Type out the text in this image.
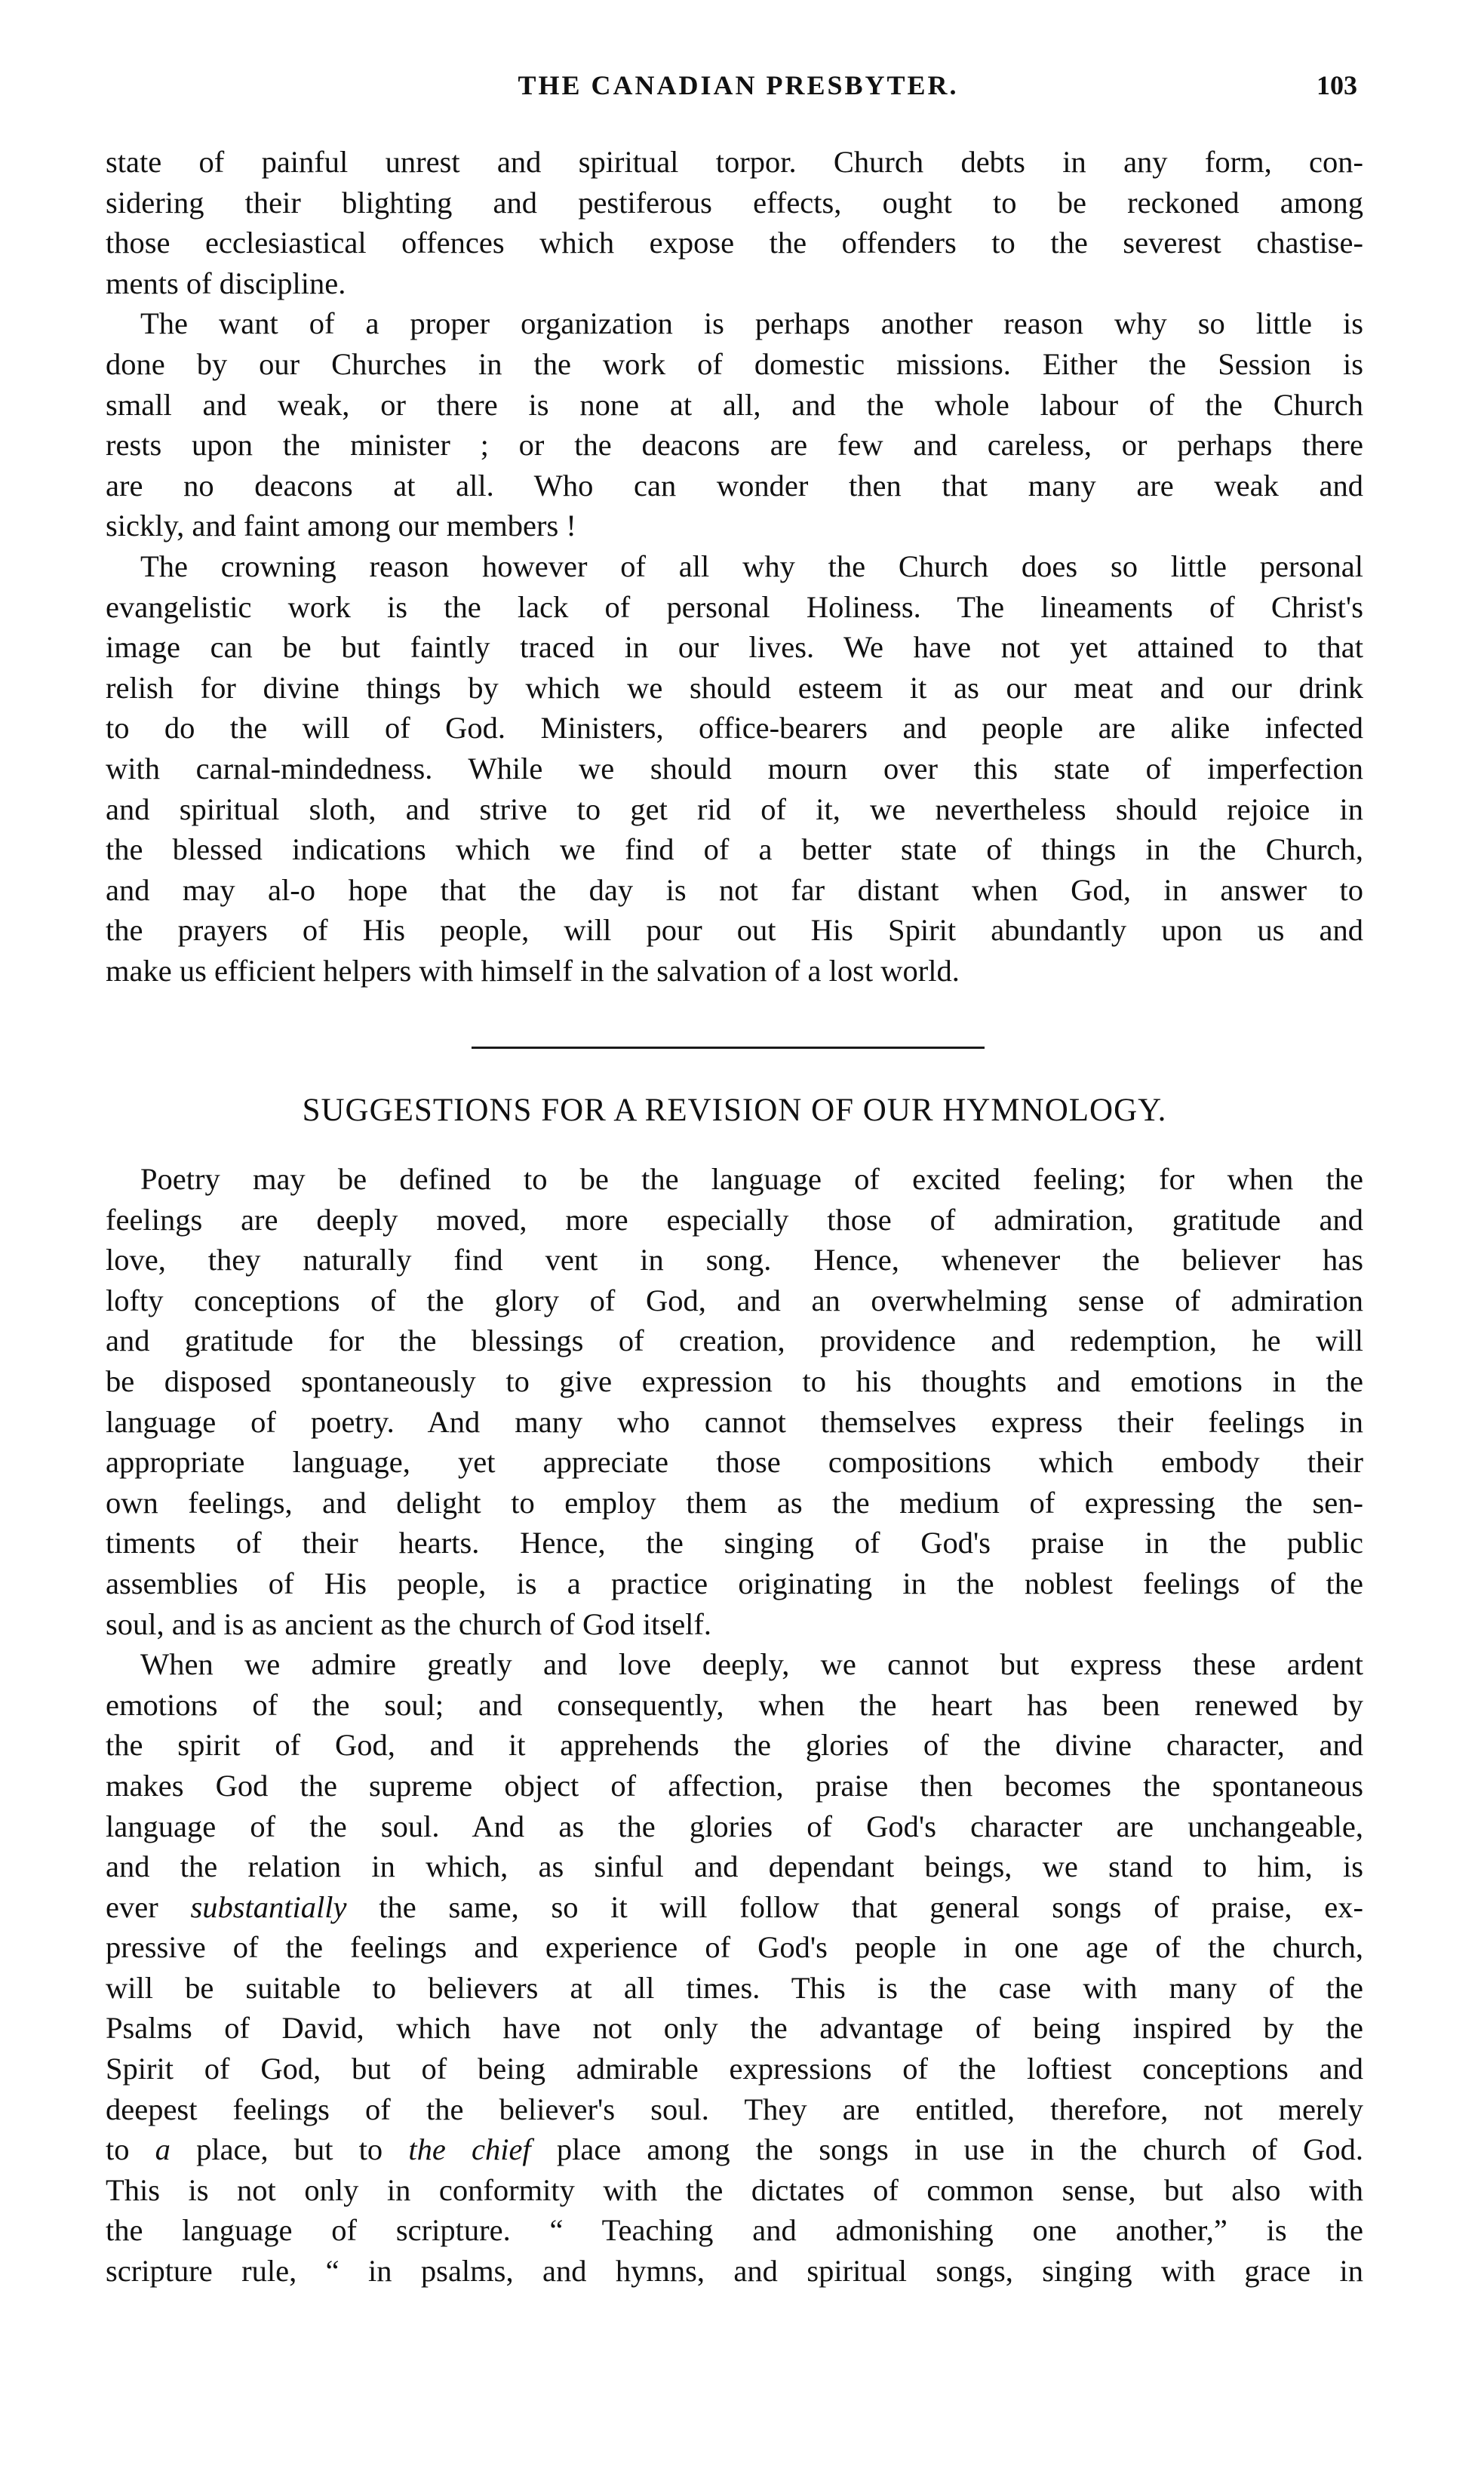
THE CANADIAN PRESBYTER.	103
state of painful unrest and spiritual torpor. Church debts in any form, con-
sidering their blighting and pestiferous effects, ought to be reckoned among
those ecclesiastical offences which expose the offenders to the severest chastise-
ments of discipline.
The want of a proper organization is perhaps another reason why so little is
done by our Churches in the work of domestic missions. Either the Session is
small and weak, or there is none at all, and the whole labour of the Church
rests upon the minister ; or the deacons are few and careless, or perhaps there
are no deacons at all. Who can wonder then that many are weak and
sickly, and faint among our members !
The crowning reason however of all why the Church does so little personal
evangelistic work is the lack of personal Holiness. The lineaments of Christ's
image can be but faintly traced in our lives. We have not yet attained to that
relish for divine things by which we should esteem it as our meat and our drink
to do the will of God. Ministers, office-bearers and people are alike infected
with carnal-mindedness. While we should mourn over this state of imperfection
and spiritual sloth, and strive to get rid of it, we nevertheless should rejoice in
the blessed indications which we find of a better state of things in the Church,
and may al-o hope that the day is not far distant when God, in answer to
the prayers of His people, will pour out His Spirit abundantly upon us and
make us efficient helpers with himself in the salvation of a lost world.
SUGGESTIONS FOR A REVISION OF OUR HYMNOLOGY.
Poetry may be defined to be the language of excited feeling; for when the
feelings are deeply moved, more especially those of admiration, gratitude and
love, they naturally find vent in song. Hence, whenever the believer has
lofty conceptions of the glory of God, and an overwhelming sense of admiration
and gratitude for the blessings of creation, providence and redemption, he will
be disposed spontaneously to give expression to his thoughts and emotions in the
language of poetry. And many who cannot themselves express their feelings in
appropriate language, yet appreciate those compositions which embody their
own feelings, and delight to employ them as the medium of expressing the sen-
timents of their hearts. Hence, the singing of God's praise in the public
assemblies of His people, is a practice originating in the noblest feelings of the
soul, and is as ancient as the church of God itself.
When we admire greatly and love deeply, we cannot but express these ardent
emotions of the soul; and consequently, when the heart has been renewed by
the spirit of God, and it apprehends the glories of the divine character, and
makes God the supreme object of affection, praise then becomes the spontaneous
language of the soul. And as the glories of God's character are unchangeable,
and the relation in which, as sinful and dependant beings, we stand to him, is
ever substantially the same, so it will follow that general songs of praise, ex-
pressive of the feelings and experience of God's people in one age of the church,
will be suitable to believers at all times. This is the case with many of the
Psalms of David, which have not only the advantage of being inspired by the
Spirit of God, but of being admirable expressions of the loftiest conceptions and
deepest feelings of the believer's soul. They are entitled, therefore, not merely
to a place, but to the chief place among the songs in use in the church of God.
This is not only in conformity with the dictates of common sense, but also with
the language of scripture. “ Teaching and admonishing one another,” is the
scripture rule, “ in psalms, and hymns, and spiritual songs, singing with grace in
